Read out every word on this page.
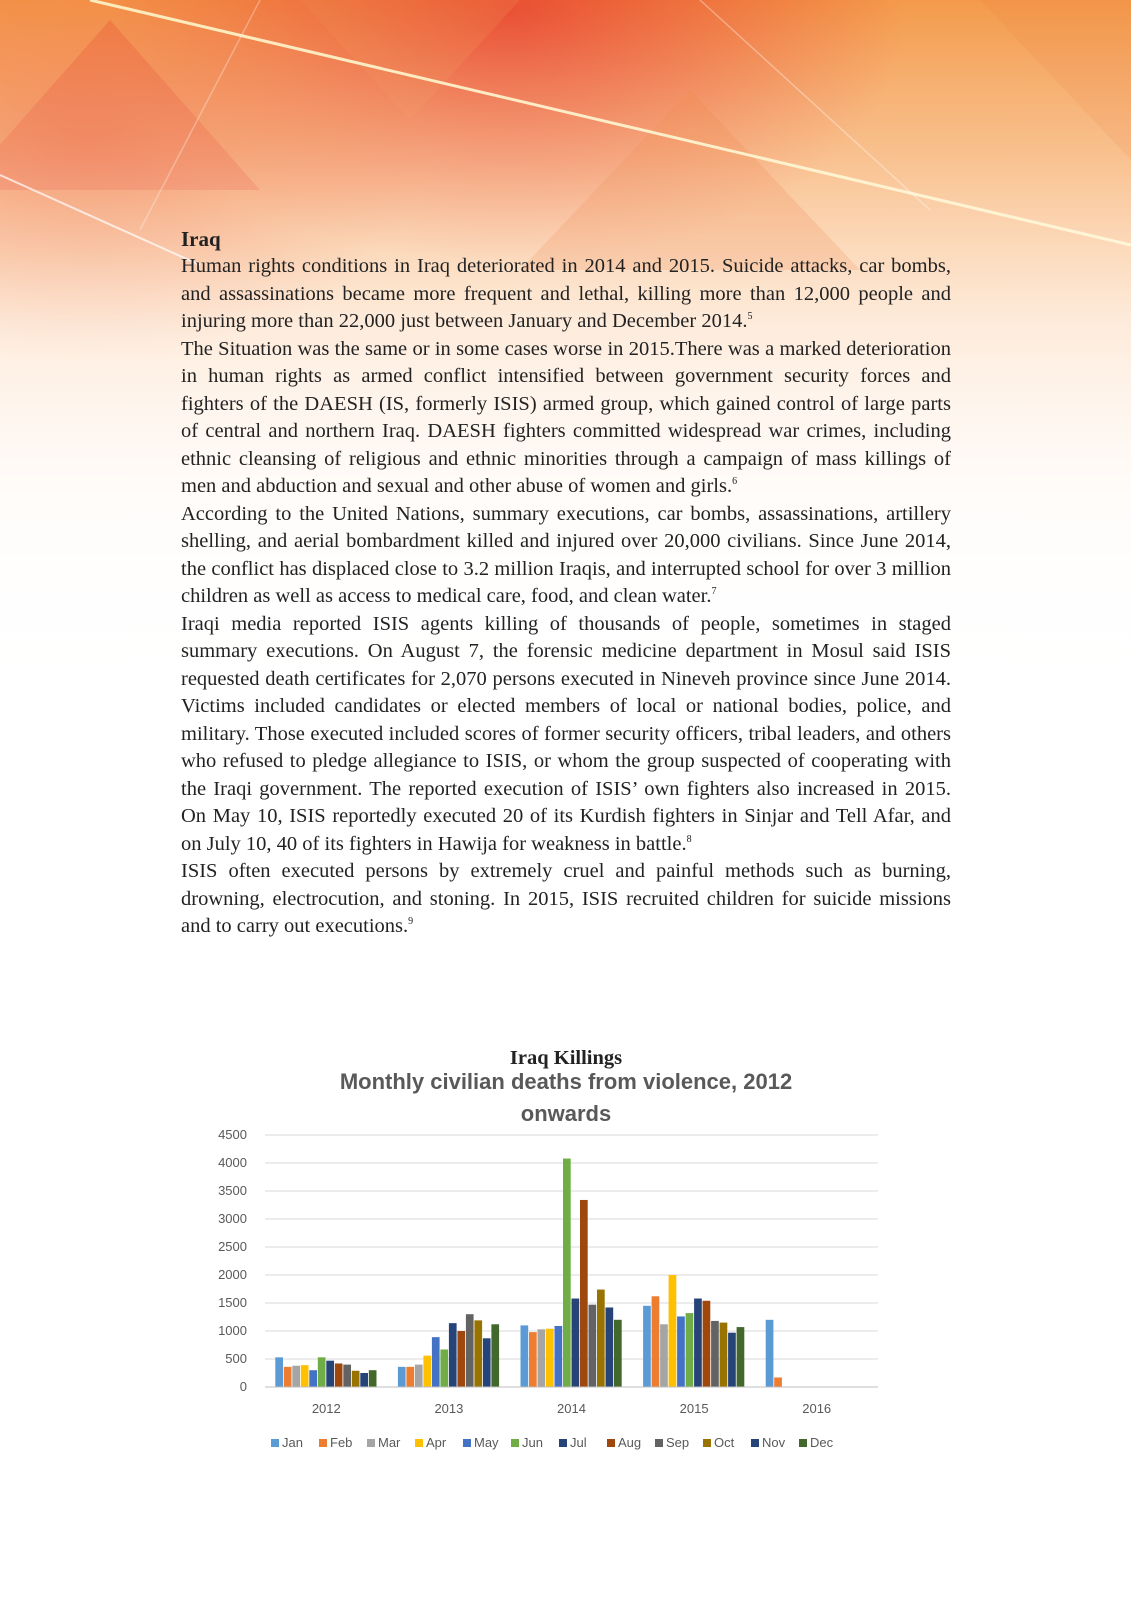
Iraq

Human rights conditions in Iraq deteriorated in 2014 and 2015. Suicide attacks, car bombs, and assassinations became more frequent and lethal, killing more than 12,000 people and injuring more than 22,000 just between January and December 2014.$^5$

The Situation was the same or in some cases worse in 2015.There was a marked deterioration in human rights as armed conflict intensified between government security forces and fighters of the DAESH (IS, formerly ISIS) armed group, which gained control of large parts of central and northern Iraq. DAESH fighters committed widespread war crimes, including ethnic cleansing of religious and ethnic minorities through a campaign of mass killings of men and abduction and sexual and other abuse of women and girls.$^6$

According to the United Nations, summary executions, car bombs, assassinations, artillery shelling, and aerial bombardment killed and injured over 20,000 civilians. Since June 2014, the conflict has displaced close to 3.2 million Iraqis, and interrupted school for over 3 million children as well as access to medical care, food, and clean water.$^7$

Iraqi media reported ISIS agents killing of thousands of people, sometimes in staged summary executions. On August 7, the forensic medicine department in Mosul said ISIS requested death certificates for 2,070 persons executed in Nineveh province since June 2014. Victims included candidates or elected members of local or national bodies, police, and military. Those executed included scores of former security officers, tribal leaders, and others who refused to pledge allegiance to ISIS, or whom the group suspected of cooperating with the Iraqi government. The reported execution of ISIS’ own fighters also increased in 2015. On May 10, ISIS reportedly executed 20 of its Kurdish fighters in Sinjar and Tell Afar, and on July 10, 40 of its fighters in Hawija for weakness in battle.$^8$

ISIS often executed persons by extremely cruel and painful methods such as burning, drowning, electrocution, and stoning. In 2015, ISIS recruited children for suicide missions and to carry out executions.$^9$

Monthly civilian deaths from violence, 2012
onwards
0
500
1000
1500
2000
2500
3000
3500
4000
4500
2012	2013	2014	2015	2016
Jan Feb Mar Apr May Jun Jul Aug Sep Oct Nov Dec
Iraq Killings
